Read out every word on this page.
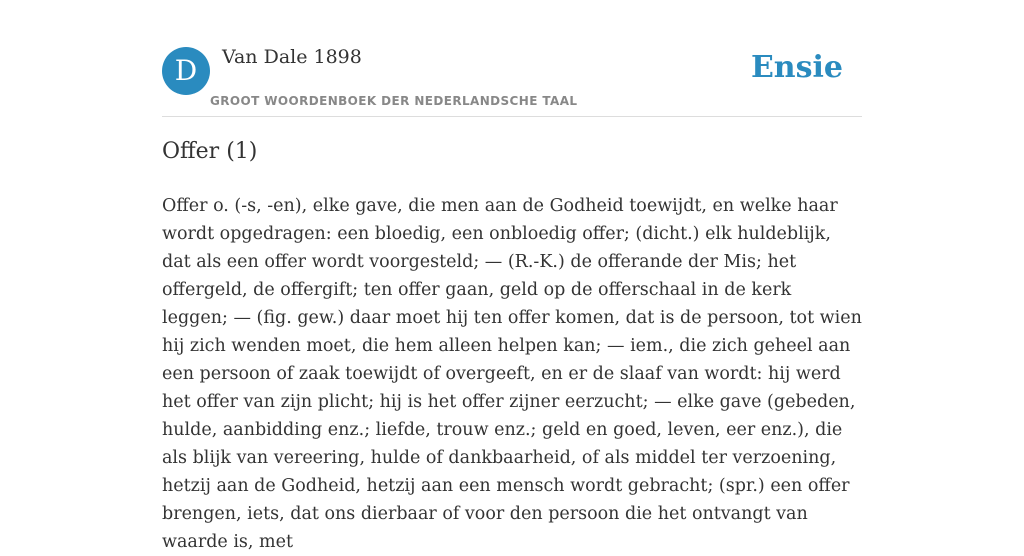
D	Van Dale 1898
GROOT WOORDENBOEK DER NEDERLANDSCHE TAAL
Ensie
Offer (1)

Offer o. (-s, -en), elke gave, die men aan de Godheid toewijdt, en welke haar wordt opgedragen: een bloedig, een onbloedig offer; (dicht.) elk huldeblijk, dat als een offer wordt voorgesteld; — (R.-K.) de offerande der Mis; het offergeld, de offergift; ten offer gaan, geld op de offerschaal in de kerk leggen; — (fig. gew.) daar moet hij ten offer komen, dat is de persoon, tot wien hij zich wenden moet, die hem alleen helpen kan; — iem., die zich geheel aan een persoon of zaak toewijdt of overgeeft, en er de slaaf van wordt: hij werd het offer van zijn plicht; hij is het offer zijner eerzucht; — elke gave (gebeden, hulde, aanbidding enz.; liefde, trouw enz.; geld en goed, leven, eer enz.), die als blijk van vereering, hulde of dankbaarheid, of als middel ter verzoening, hetzij aan de Godheid, hetzij aan een mensch wordt gebracht; (spr.) een offer brengen, iets, dat ons dierbaar of voor den persoon die het ontvangt van waarde is, met
